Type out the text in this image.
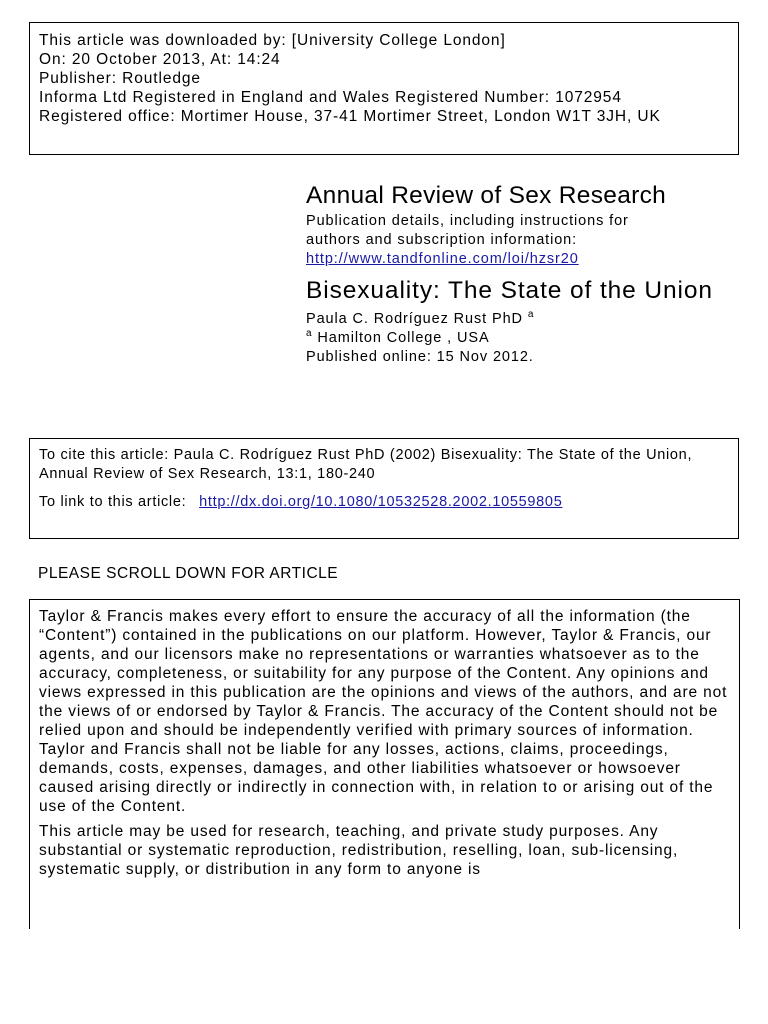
This article was downloaded by: [University College London]
On: 20 October 2013, At: 14:24
Publisher: Routledge
Informa Ltd Registered in England and Wales Registered Number: 1072954
Registered office: Mortimer House, 37-41 Mortimer Street, London W1T 3JH, UK
Annual Review of Sex Research
Publication details, including instructions for
authors and subscription information:
http://www.tandfonline.com/loi/hzsr20
Bisexuality: The State of the Union
Paula C. Rodríguez Rust PhD $^a$
$^a$ Hamilton College , USA
Published online: 15 Nov 2012.
To cite this article: Paula C. Rodríguez Rust PhD (2002) Bisexuality: The State of the Union, Annual Review of Sex Research, 13:1, 180-240
To link to this article: http://dx.doi.org/10.1080/10532528.2002.10559805
PLEASE SCROLL DOWN FOR ARTICLE

Taylor & Francis makes every effort to ensure the accuracy of all the information (the “Content”) contained in the publications on our platform. However, Taylor & Francis, our agents, and our licensors make no representations or warranties whatsoever as to the accuracy, completeness, or suitability for any purpose of the Content. Any opinions and views expressed in this publication are the opinions and views of the authors, and are not the views of or endorsed by Taylor & Francis. The accuracy of the Content should not be relied upon and should be independently verified with primary sources of information. Taylor and Francis shall not be liable for any losses, actions, claims, proceedings, demands, costs, expenses, damages, and other liabilities whatsoever or howsoever caused arising directly or indirectly in connection with, in relation to or arising out of the use of the Content.

This article may be used for research, teaching, and private study purposes. Any substantial or systematic reproduction, redistribution, reselling, loan, sub-licensing, systematic supply, or distribution in any form to anyone is
